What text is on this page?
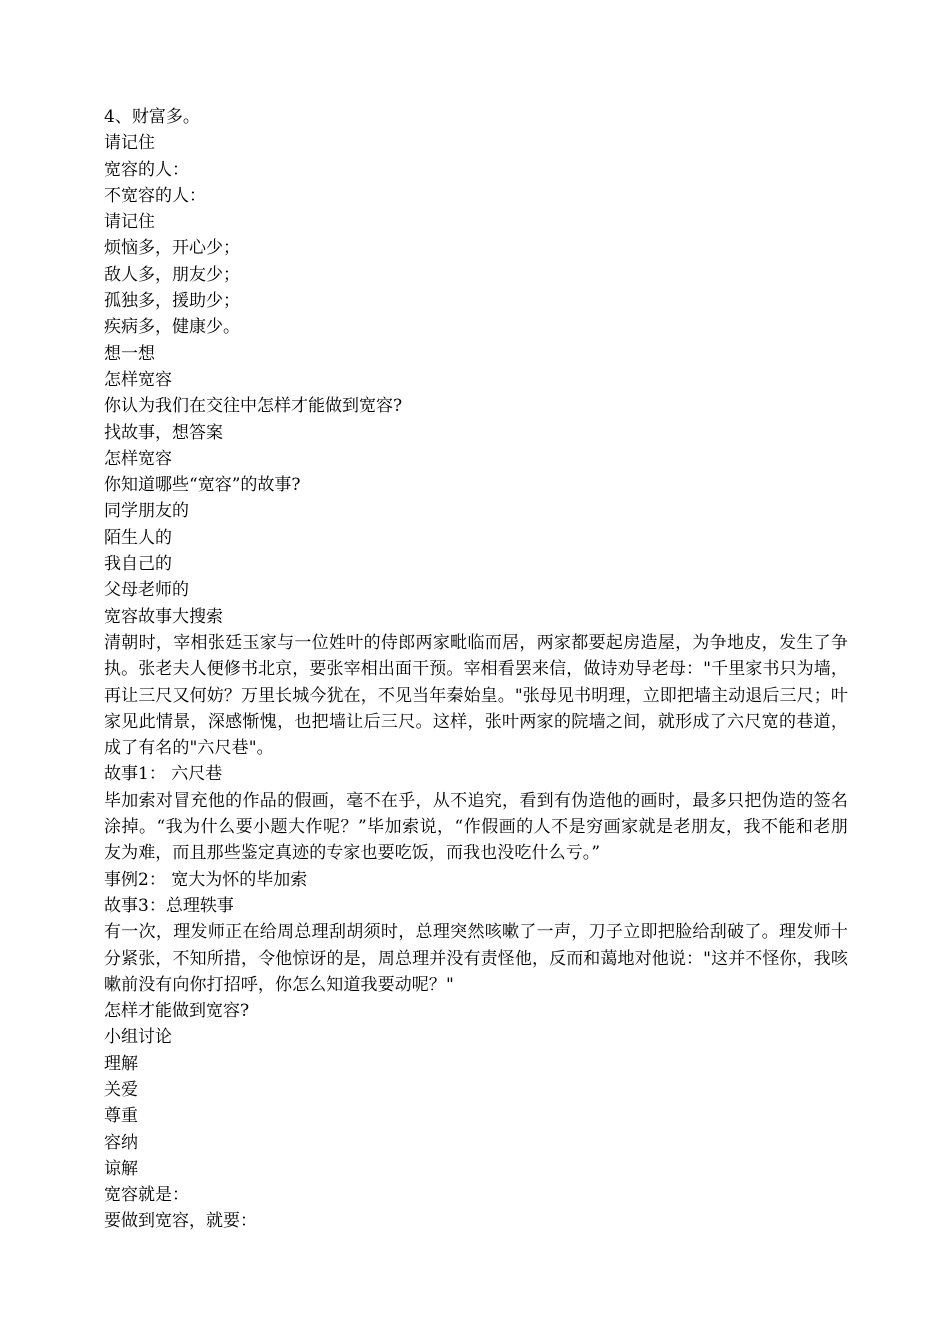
4、财富多。

请记住

宽容的人：

不宽容的人：

请记住

烦恼多，开心少；

敌人多，朋友少；

孤独多，援助少；

疾病多，健康少。

想一想

怎样宽容

你认为我们在交往中怎样才能做到宽容?

找故事，想答案

怎样宽容

你知道哪些“宽容”的故事?

同学朋友的

陌生人的

我自己的

父母老师的

宽容故事大搜索

清朝时，宰相张廷玉家与一位姓叶的侍郎两家毗临而居，两家都要起房造屋，为争地皮，发生了争执。张老夫人便修书北京，要张宰相出面干预。宰相看罢来信，做诗劝导老母："千里家书只为墙，再让三尺又何妨？万里长城今犹在，不见当年秦始皇。"张母见书明理，立即把墙主动退后三尺；叶家见此情景，深感惭愧，也把墙让后三尺。这样，张叶两家的院墙之间，就形成了六尺宽的巷道，成了有名的"六尺巷"。

故事1： 六尺巷

毕加索对冒充他的作品的假画，毫不在乎，从不追究，看到有伪造他的画时，最多只把伪造的签名涂掉。“我为什么要小题大作呢？”毕加索说，“作假画的人不是穷画家就是老朋友，我不能和老朋友为难，而且那些鉴定真迹的专家也要吃饭，而我也没吃什么亏。”

事例2： 宽大为怀的毕加索

故事3：总理轶事

有一次，理发师正在给周总理刮胡须时，总理突然咳嗽了一声，刀子立即把脸给刮破了。理发师十分紧张，不知所措，令他惊讶的是，周总理并没有责怪他，反而和蔼地对他说："这并不怪你，我咳嗽前没有向你打招呼，你怎么知道我要动呢？"

怎样才能做到宽容?

小组讨论

理解

关爱

尊重

容纳

谅解

宽容就是：

要做到宽容，就要：
